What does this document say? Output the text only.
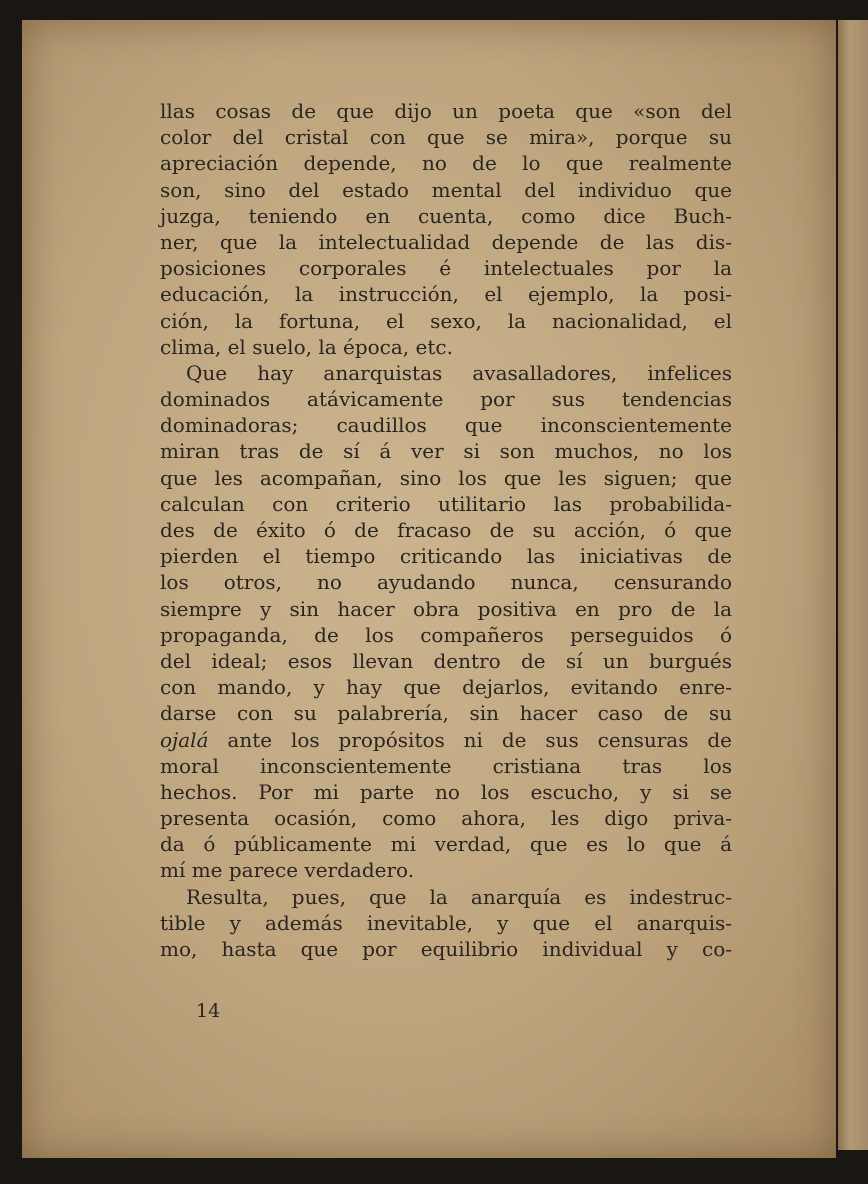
llas cosas de que dijo un poeta que «son del
color del cristal con que se mira», porque su
apreciación depende, no de lo que realmente
son, sino del estado mental del individuo que
juzga, teniendo en cuenta, como dice Buch-
ner, que la intelectualidad depende de las dis-
posiciones corporales é intelectuales por la
educación, la instrucción, el ejemplo, la posi-
ción, la fortuna, el sexo, la nacionalidad, el
clima, el suelo, la época, etc.
Que hay anarquistas avasalladores, infelices
dominados atávicamente por sus tendencias
dominadoras; caudillos que inconscientemente
miran tras de sí á ver si son muchos, no los
que les acompañan, sino los que les siguen; que
calculan con criterio utilitario las probabilida-
des de éxito ó de fracaso de su acción, ó que
pierden el tiempo criticando las iniciativas de
los otros, no ayudando nunca, censurando
siempre y sin hacer obra positiva en pro de la
propaganda, de los compañeros perseguidos ó
del ideal; esos llevan dentro de sí un burgués
con mando, y hay que dejarlos, evitando enre-
darse con su palabrería, sin hacer caso de su
ojalá ante los propósitos ni de sus censuras de
moral inconscientemente cristiana tras los
hechos. Por mi parte no los escucho, y si se
presenta ocasión, como ahora, les digo priva-
da ó públicamente mi verdad, que es lo que á
mí me parece verdadero.
Resulta, pues, que la anarquía es indestruc-
tible y además inevitable, y que el anarquis-
mo, hasta que por equilibrio individual y co-
14
